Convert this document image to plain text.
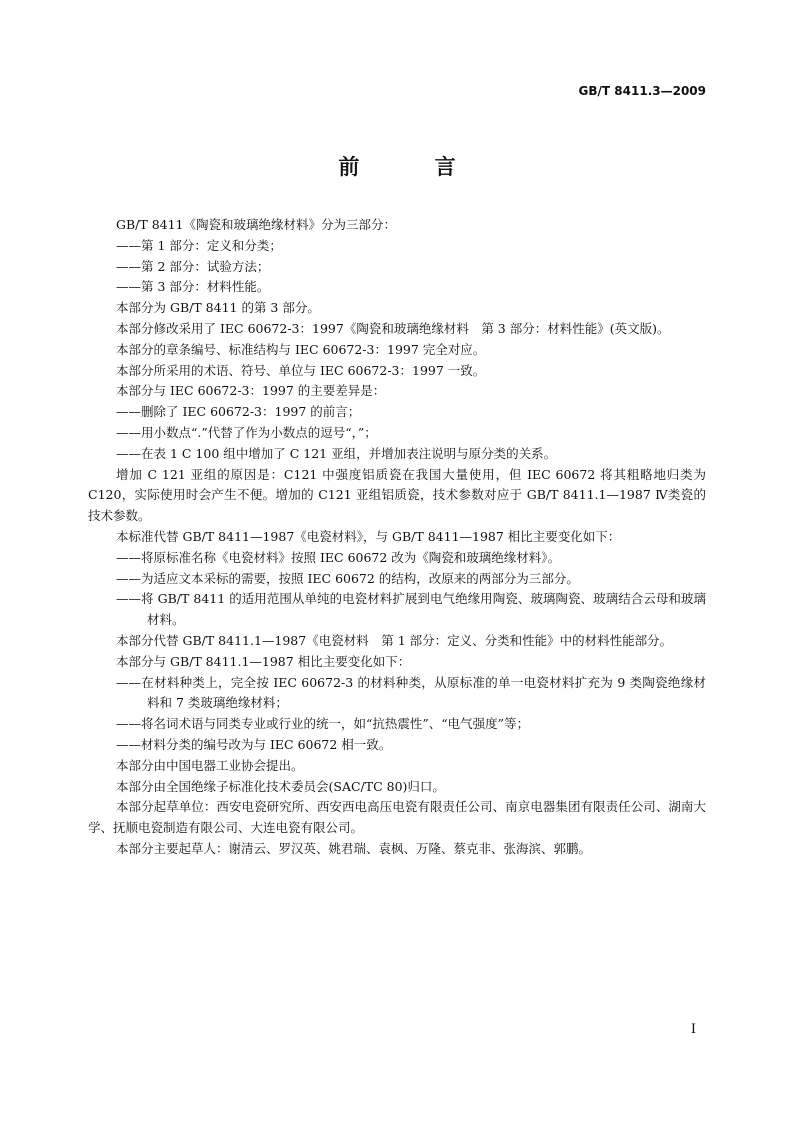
GB/T 8411.3—2009
前 言

GB/T 8411《陶瓷和玻璃绝缘材料》分为三部分：

——第 1 部分：定义和分类；

——第 2 部分：试验方法；

——第 3 部分：材料性能。

本部分为 GB/T 8411 的第 3 部分。

本部分修改采用了 IEC 60672-3：1997《陶瓷和玻璃绝缘材料　第 3 部分：材料性能》(英文版)。

本部分的章条编号、标准结构与 IEC 60672-3：1997 完全对应。

本部分所采用的术语、符号、单位与 IEC 60672-3：1997 一致。

本部分与 IEC 60672-3：1997 的主要差异是：

——删除了 IEC 60672-3：1997 的前言；

——用小数点“.”代替了作为小数点的逗号“，”；

——在表 1 C 100 组中增加了 C 121 亚组，并增加表注说明与原分类的关系。

增加 C 121 亚组的原因是：C121 中强度铝质瓷在我国大量使用，但 IEC 60672 将其粗略地归类为 C120，实际使用时会产生不便。增加的 C121 亚组铝质瓷，技术参数对应于 GB/T 8411.1—1987 Ⅳ类瓷的技术参数。

本标准代替 GB/T 8411—1987《电瓷材料》，与 GB/T 8411—1987 相比主要变化如下：

——将原标准名称《电瓷材料》按照 IEC 60672 改为《陶瓷和玻璃绝缘材料》。

——为适应文本采标的需要，按照 IEC 60672 的结构，改原来的两部分为三部分。

——将 GB/T 8411 的适用范围从单纯的电瓷材料扩展到电气绝缘用陶瓷、玻璃陶瓷、玻璃结合云母和玻璃材料。

本部分代替 GB/T 8411.1—1987《电瓷材料　第 1 部分：定义、分类和性能》中的材料性能部分。

本部分与 GB/T 8411.1—1987 相比主要变化如下：

——在材料种类上，完全按 IEC 60672-3 的材料种类，从原标准的单一电瓷材料扩充为 9 类陶瓷绝缘材料和 7 类玻璃绝缘材料；

——将名词术语与同类专业或行业的统一，如“抗热震性”、“电气强度”等；

——材料分类的编号改为与 IEC 60672 相一致。

本部分由中国电器工业协会提出。

本部分由全国绝缘子标准化技术委员会(SAC/TC 80)归口。

本部分起草单位：西安电瓷研究所、西安西电高压电瓷有限责任公司、南京电器集团有限责任公司、湖南大学、抚顺电瓷制造有限公司、大连电瓷有限公司。

本部分主要起草人：谢清云、罗汉英、姚君瑞、袁枫、万隆、蔡克非、张海滨、郭鹏。

I
